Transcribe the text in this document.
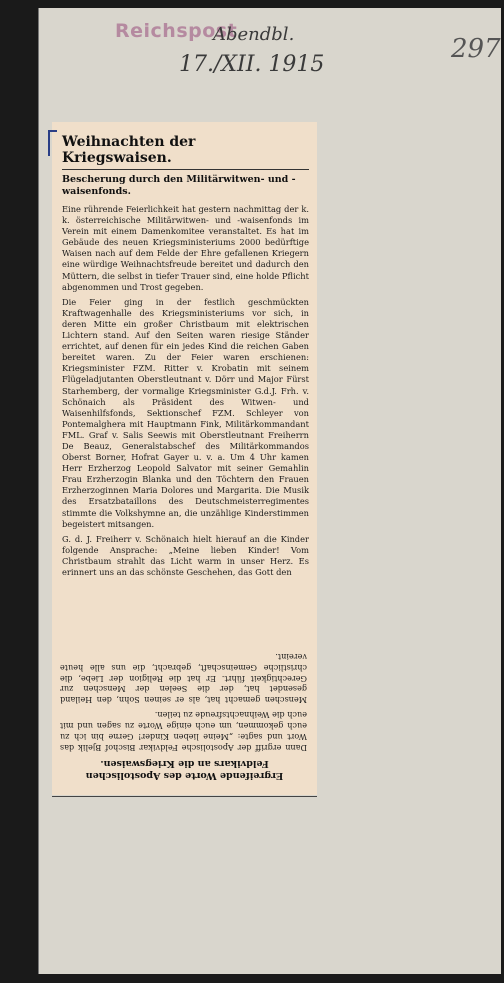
Reichspost
Abendbl.
17./XII. 1915
297
Weihnachten der Kriegswaisen.
Bescherung durch den Militärwitwen- und -waisenfonds.

Eine rührende Feierlichkeit hat gestern nachmittag der k. k. österreichische Militärwitwen- und -waisenfonds im Verein mit einem Damenkomitee veranstaltet. Es hat im Gebäude des neuen Kriegsministeriums 2000 bedürftige Waisen nach auf dem Felde der Ehre gefallenen Kriegern eine würdige Weihnachtsfreude bereitet und dadurch den Müttern, die selbst in tiefer Trauer sind, eine holde Pflicht abgenommen und Trost gegeben.

Die Feier ging in der festlich geschmückten Kraftwagenhalle des Kriegsministeriums vor sich, in deren Mitte ein großer Christbaum mit elektrischen Lichtern stand. Auf den Seiten waren riesige Ständer errichtet, auf denen für ein jedes Kind die reichen Gaben bereitet waren. Zu der Feier waren erschienen: Kriegsminister FZM. Ritter v. Krobatin mit seinem Flügeladjutanten Oberstleutnant v. Dörr und Major Fürst Starhemberg, der vormalige Kriegsminister G.d.J. Frh. v. Schönaich als Präsident des Witwen- und Waisenhilfsfonds, Sektionschef FZM. Schleyer von Pontemalghera mit Hauptmann Fink, Militärkommandant FML. Graf v. Salis Seewis mit Oberstleutnant Freiherrn De Beauz, Generalstabschef des Militärkommandos Oberst Borner, Hofrat Gayer u. v. a. Um 4 Uhr kamen Herr Erzherzog Leopold Salvator mit seiner Gemahlin Frau Erzherzogin Blanka und den Töchtern den Frauen Erzherzoginnen Maria Dolores und Margarita. Die Musik des Ersatzbataillons des Deutschmeisterregimentes stimmte die Volkshymne an, die unzählige Kinderstimmen begeistert mitsangen.

G. d. J. Freiherr v. Schönaich hielt hierauf an die Kinder folgende Ansprache: „Meine lieben Kinder! Vom Christbaum strahlt das Licht warm in unser Herz. Es erinnert uns an das schönste Geschehen, das Gott den

Ergreifende Worte des Apostolischen Feldvikars an die Kriegswaisen.

Dann ergriff der Apostolische Feldvikar Bischof Bjelik das Wort und sagte: „Meine lieben Kinder! Gerne bin ich zu euch gekommen, um euch einige Worte zu sagen und mit euch die Weihnachtsfreude zu teilen.

Menschen gemacht hat, als er seinen Sohn, den Heiland gesendet hat, der die Seelen der Menschen zur Gerechtigkeit führt. Er hat die Religion der Liebe, die christliche Gemeinschaft, gebracht, die uns alle heute vereint.
